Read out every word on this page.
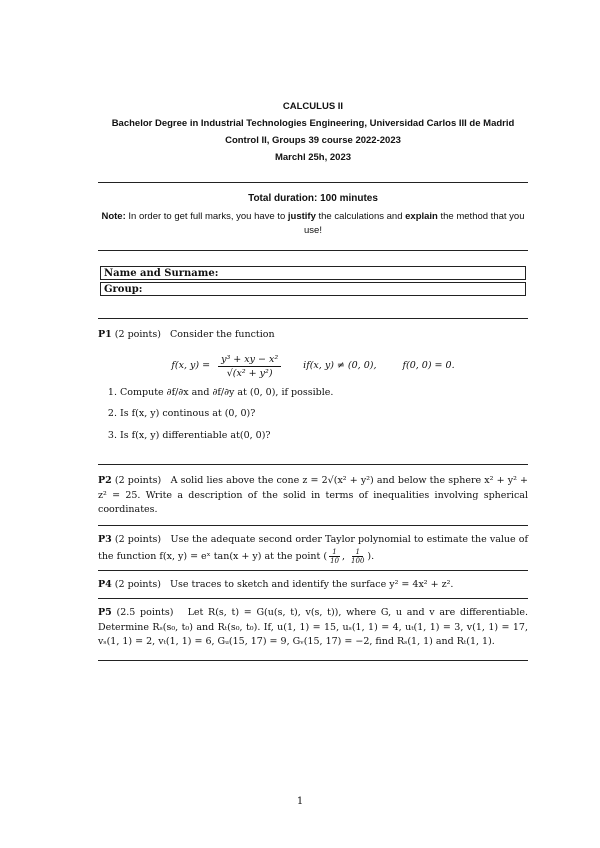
CALCULUS II
Bachelor Degree in Industrial Technologies Engineering, Universidad Carlos III de Madrid
Control II, Groups 39 course 2022-2023
Marchl 25h, 2023
Total duration: 100 minutes
Note: In order to get full marks, you have to justify the calculations and explain the method that you use!
Name and Surname:
Group:
P1 (2 points) Consider the function
f(x, $y) = \frac{\text{y³ + xy − x²}}{\text{√(x² + y²)}} if(x$, y) ≠ (0, 0),	f(0, 0) = 0.
1. Compute ∂f/∂x and ∂f/∂y at (0, 0), if possible.
2. Is f(x, y) continous at (0, 0)?
3. Is f(x, y) differentiable at(0, 0)?
P2 (2 points) A solid lies above the cone z = 2√(x² + y²) and below the sphere x² + y² + z² = 25. Write a description of the solid in terms of inequalities involving spherical coordinates.
P3 (2 points) Use the adequate second order Taylor polynomial to estimate the value of the function f(x, y) = eˣ tan(x + y) at the point ( $\frac{1}{10}$ , $\frac{1}{100}$ ).
P4 (2 points) Use traces to sketch and identify the surface y² = 4x² + z².
P5 (2.5 points) Let R(s, t) = G(u(s, t), v(s, t)), where G, u and v are differentiable. Determine Rₛ(s₀, t₀) and Rₜ(s₀, t₀). If, u(1, 1) = 15, uₛ(1, 1) = 4, uₜ(1, 1) = 3, v(1, 1) = 17, vₛ(1, 1) = 2, vₜ(1, 1) = 6, Gᵤ(15, 17) = 9, Gᵥ(15, 17) = −2, find Rₛ(1, 1) and Rₜ(1, 1).
1
